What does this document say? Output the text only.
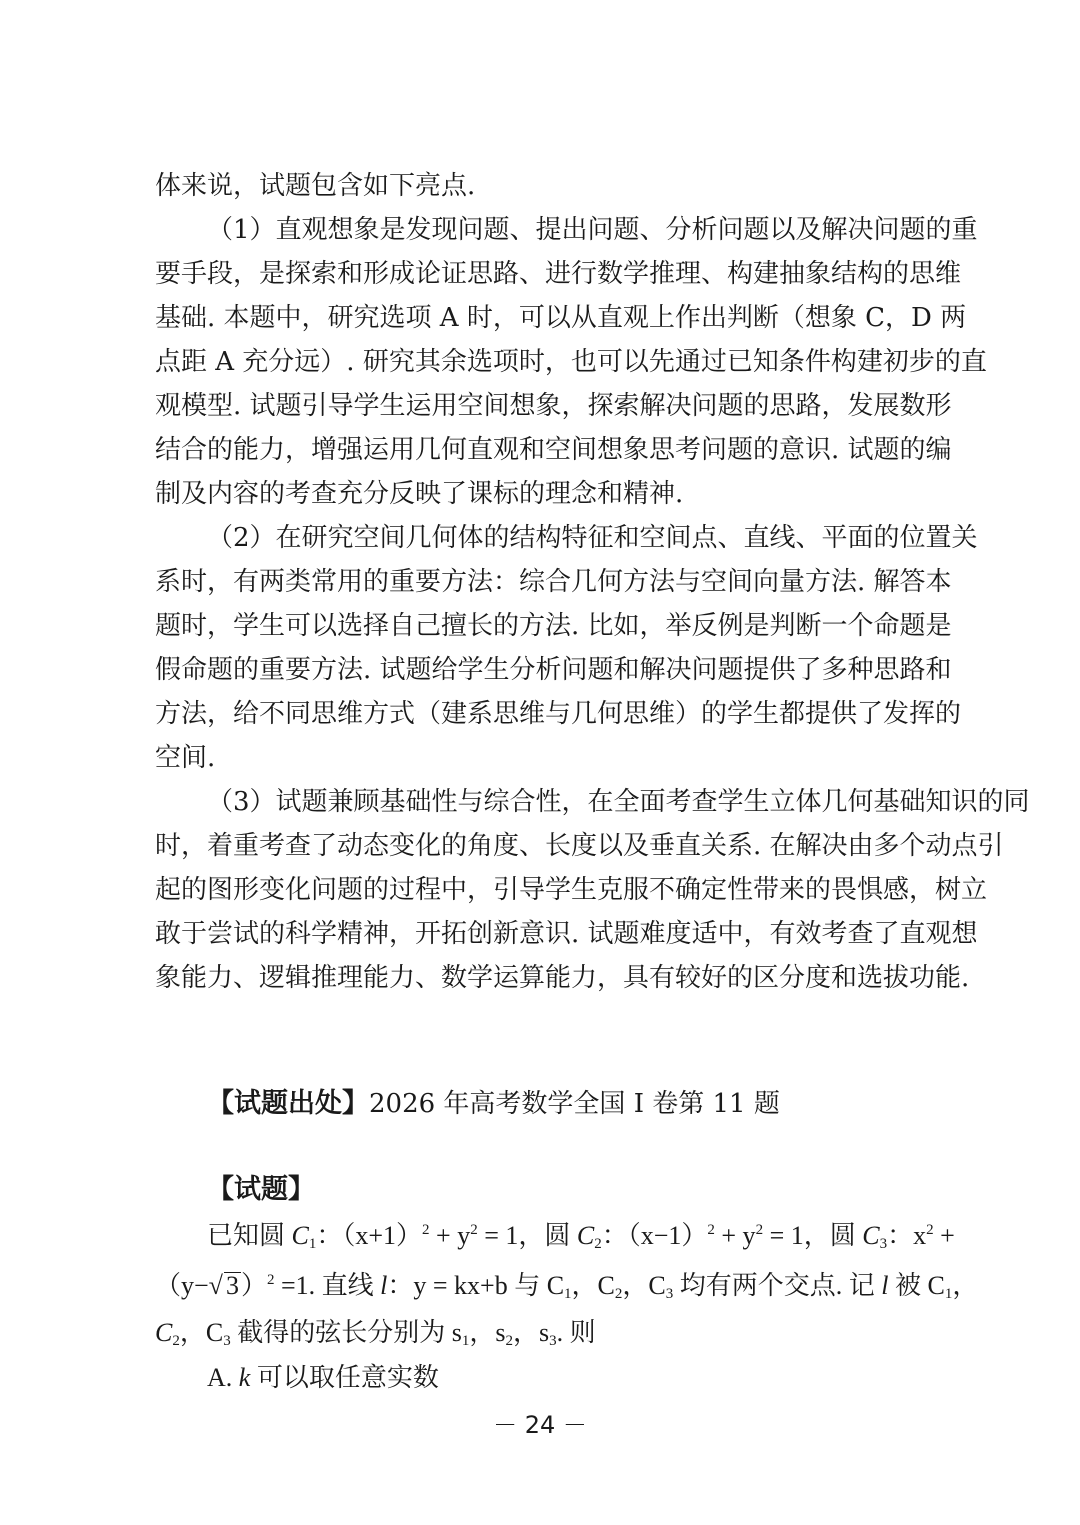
体来说，试题包含如下亮点.
（1）直观想象是发现问题、提出问题、分析问题以及解决问题的重
要手段，是探索和形成论证思路、进行数学推理、构建抽象结构的思维
基础. 本题中，研究选项 A 时，可以从直观上作出判断（想象 C，D 两
点距 A 充分远）. 研究其余选项时，也可以先通过已知条件构建初步的直
观模型. 试题引导学生运用空间想象，探索解决问题的思路，发展数形
结合的能力，增强运用几何直观和空间想象思考问题的意识. 试题的编
制及内容的考查充分反映了课标的理念和精神.
（2）在研究空间几何体的结构特征和空间点、直线、平面的位置关
系时，有两类常用的重要方法：综合几何方法与空间向量方法. 解答本
题时，学生可以选择自己擅长的方法. 比如，举反例是判断一个命题是
假命题的重要方法. 试题给学生分析问题和解决问题提供了多种思路和
方法，给不同思维方式（建系思维与几何思维）的学生都提供了发挥的
空间.
（3）试题兼顾基础性与综合性，在全面考查学生立体几何基础知识的同
时，着重考查了动态变化的角度、长度以及垂直关系. 在解决由多个动点引
起的图形变化问题的过程中，引导学生克服不确定性带来的畏惧感，树立
敢于尝试的科学精神，开拓创新意识. 试题难度适中，有效考查了直观想
象能力、逻辑推理能力、数学运算能力，具有较好的区分度和选拔功能.
【试题出处】2026 年高考数学全国 Ⅰ 卷第 11 题
【试题】
已知圆 $C_1$：$(x+1)^2 + y^2 = 1$，圆 $C_2$：$(x-1)^2 + y^2 = 1$，圆 $C_3$：$x^2$ +
（y−√ 3）$^2$ =1. 直线 l：y = kx+b 与 $C_1$，$C_2$，$C_3$ 均有两个交点. 记 l 被 $C_1$，
$C_2$，$C_3$ 截得的弦长分别为 $s_1$，$s_2$，$s_3$. 则
A. k 可以取任意实数
－ 24 －
